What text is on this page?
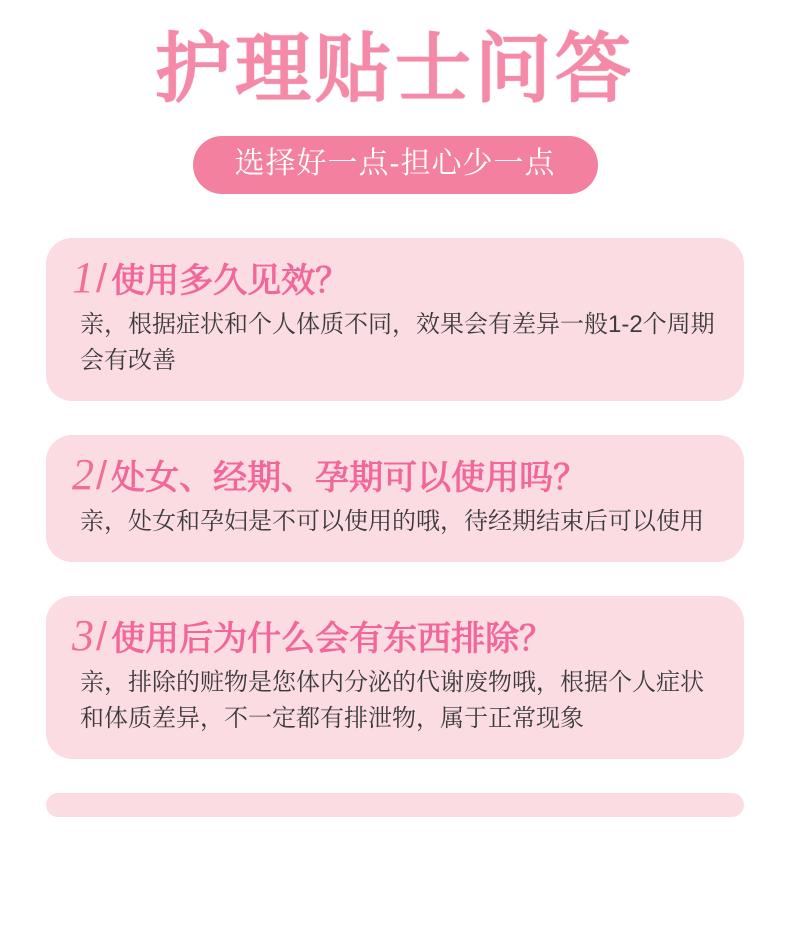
护理贴士问答
选择好一点-担心少一点
1 / 使用多久见效？
亲，根据症状和个人体质不同，效果会有差异一般1-2个周期会有改善
2 / 处女、经期、孕期可以使用吗？
亲，处女和孕妇是不可以使用的哦，待经期结束后可以使用
3 / 使用后为什么会有东西排除？
亲，排除的赃物是您体内分泌的代谢废物哦，根据个人症状和体质差异，不一定都有排泄物，属于正常现象
